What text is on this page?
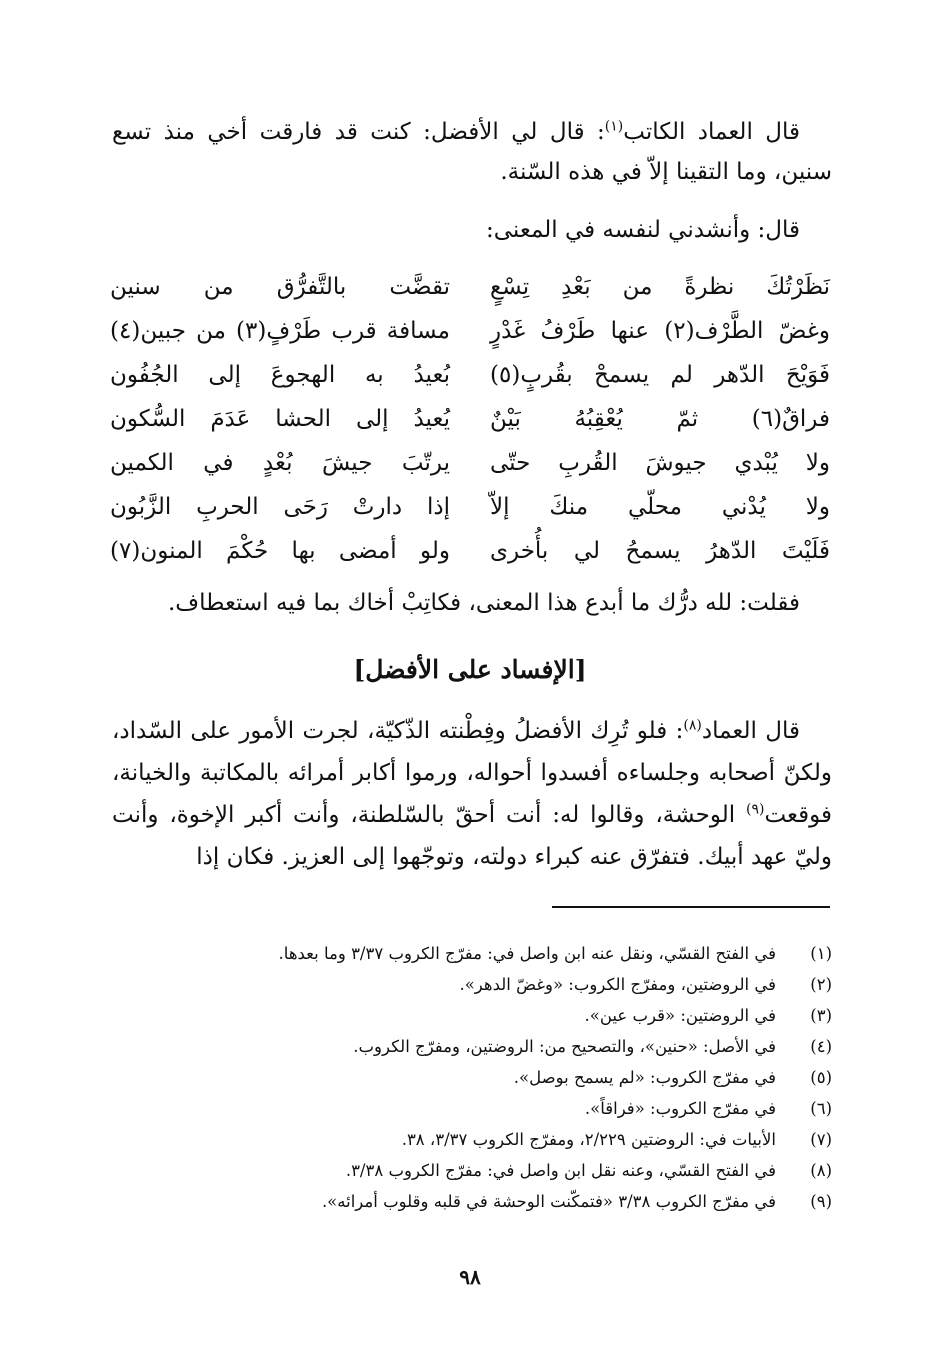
قال العماد الكاتب$^{(١)}$: قال لي الأفضل: كنت قد فارقت أخي منذ تسع سنين، وما التقينا إلاّ في هذه السّنة.

قال: وأنشدني لنفسه في المعنى:

نَظَرْتُكَ نظرةً من بَعْدِ تِسْعٍ
تقضَّت بالتَّفرُّق من سنين
وغضّ الطَّرْف(٢) عنها طَرْفُ غَدْرٍ
مسافة قرب طَرْفٍ(٣) من جبين(٤)
فَوَيْحَ الدّهر لم يسمحْ بقُربٍ(٥)
بُعيدُ به الهجوعَ إلى الجُفُون
فراقٌ(٦) ثمّ يُعْقِبُهُ بَيْنٌ
يُعيدُ إلى الحشا عَدَمَ السُّكون
ولا يُبْدي جيوشَ القُربِ حتّى
يرتّبَ جيشَ بُعْدٍ في الكمين
ولا يُدْني محلّي منكَ إلاّ
إذا دارتْ رَحَى الحربِ الزَّبُون
فَلَيْتَ الدّهرُ يسمحُ لي بأُخرى
ولو أمضى بها حُكْمَ المنون(٧)

فقلت: لله درُّك ما أبدع هذا المعنى، فكاتِبْ أخاك بما فيه استعطاف.

[الإفساد على الأفضل]

قال العماد$^{(٨)}$: فلو تُرِك الأفضلُ وفِطْنته الذّكيّة، لجرت الأمور على السّداد، ولكنّ أصحابه وجلساءه أفسدوا أحواله، ورموا أكابر أمرائه بالمكاتبة والخيانة، فوقعت$^{(٩)}$ الوحشة، وقالوا له: أنت أحقّ بالسّلطنة، وأنت أكبر الإخوة، وأنت وليّ عهد أبيك. فتفرّق عنه كبراء دولته، وتوجّهوا إلى العزيز. فكان إذا

(١)
في الفتح القسّي، ونقل عنه ابن واصل في: مفرّج الكروب ٣/٣٧ وما بعدها.
(٢)
في الروضتين، ومفرّج الكروب: «وغضّ الدهر».
(٣)
في الروضتين: «قرب عين».
(٤)
في الأصل: «حنين»، والتصحيح من: الروضتين، ومفرّج الكروب.
(٥)
في مفرّج الكروب: «لم يسمح بوصل».
(٦)
في مفرّج الكروب: «فراقاً».
(٧)
الأبيات في: الروضتين ٢/٢٢٩، ومفرّج الكروب ٣/٣٧، ٣٨.
(٨)
في الفتح القسّي، وعنه نقل ابن واصل في: مفرّج الكروب ٣/٣٨.
(٩)
في مفرّج الكروب ٣/٣٨ «فتمكّنت الوحشة في قلبه وقلوب أمرائه».
٩٨
